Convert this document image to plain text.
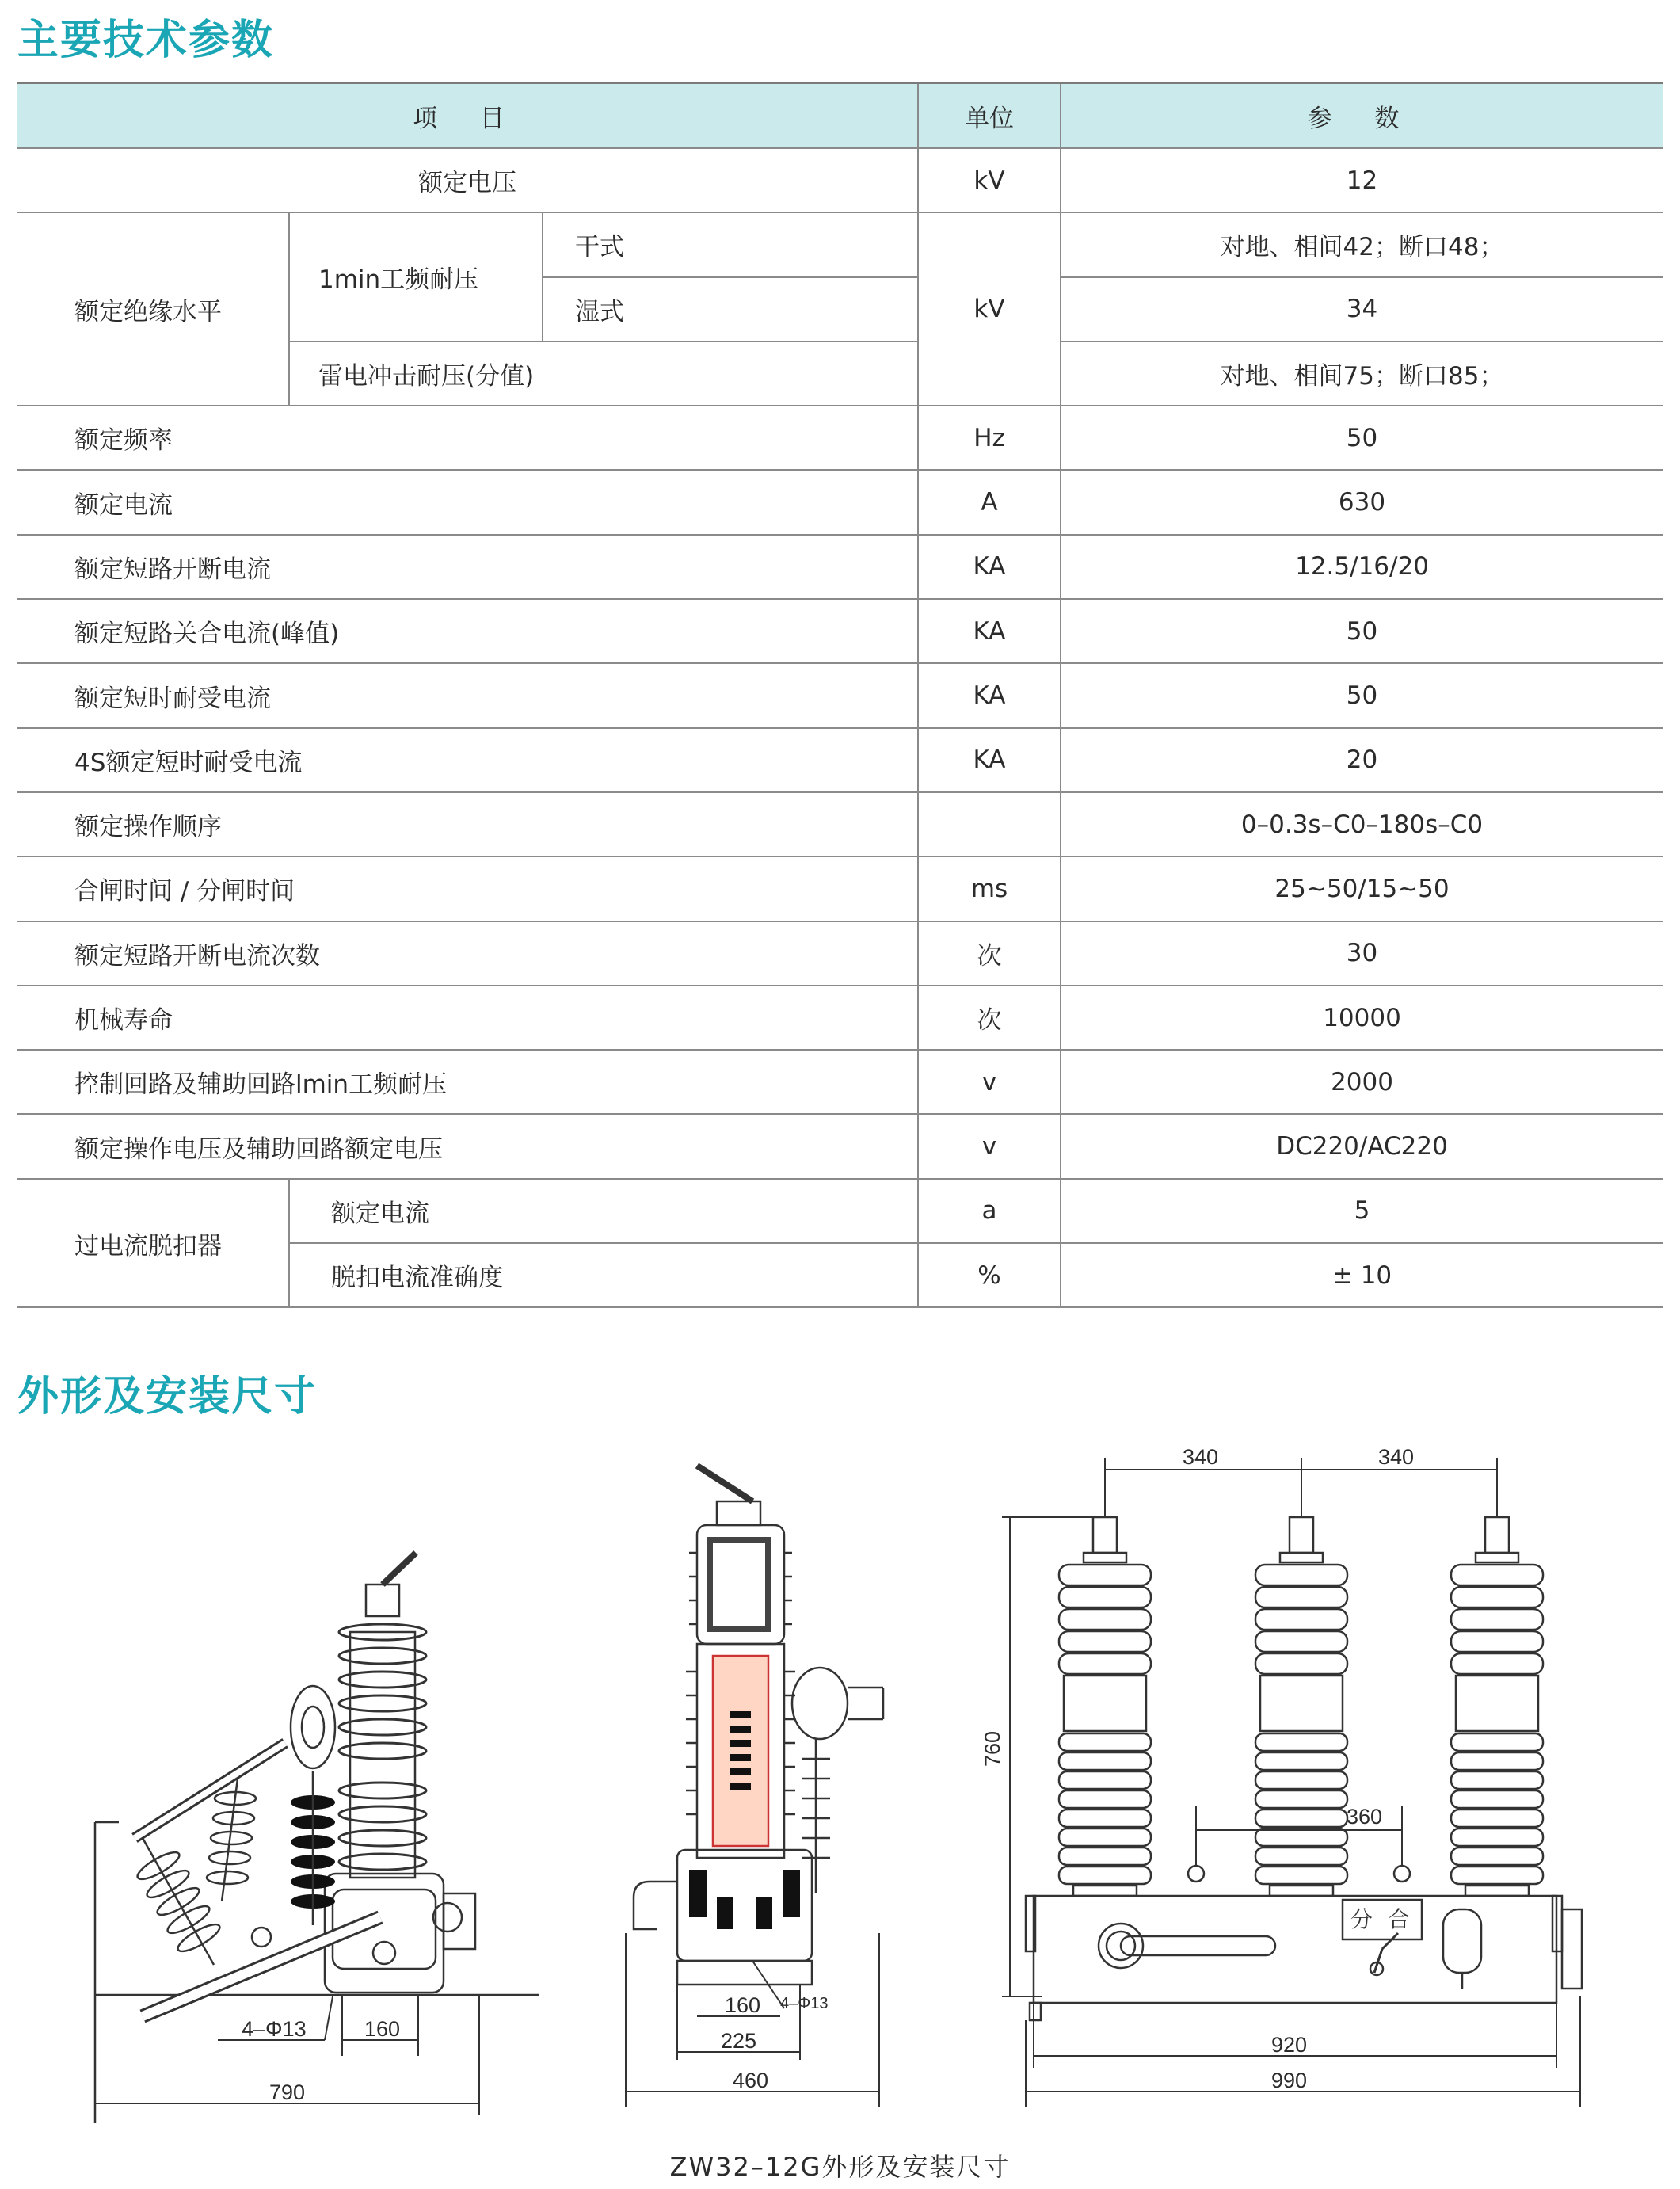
主要技术参数
项 目			单位	参 数
额定电压			kV	12
额定绝缘水平	1min工频耐压	干式	kV	对地、相间42；断口48；
		湿式		34
	雷电冲击耐压(分值)			对地、相间75；断口85；
额定频率			Hz	50
额定电流			A	630
额定短路开断电流			KA	12.5/16/20
额定短路关合电流(峰值)			KA	50
额定短时耐受电流			KA	50
4S额定短时耐受电流			KA	20
额定操作顺序				0–0.3s–C0–180s–C0
合闸时间 / 分闸时间			ms	25~50/15~50
额定短路开断电流次数			次	30
机械寿命			次	10000
控制回路及辅助回路lmin工频耐压			v	2000
额定操作电压及辅助回路额定电压			v	DC220/AC220
过电流脱扣器	额定电流		a	5
	脱扣电流准确度		%	± 10
外形及安装尺寸
4–Φ13	160
790
160 4–Φ13
225
460
340	340
760
360
920
990
分 合
ZW32–12G外形及安装尺寸
